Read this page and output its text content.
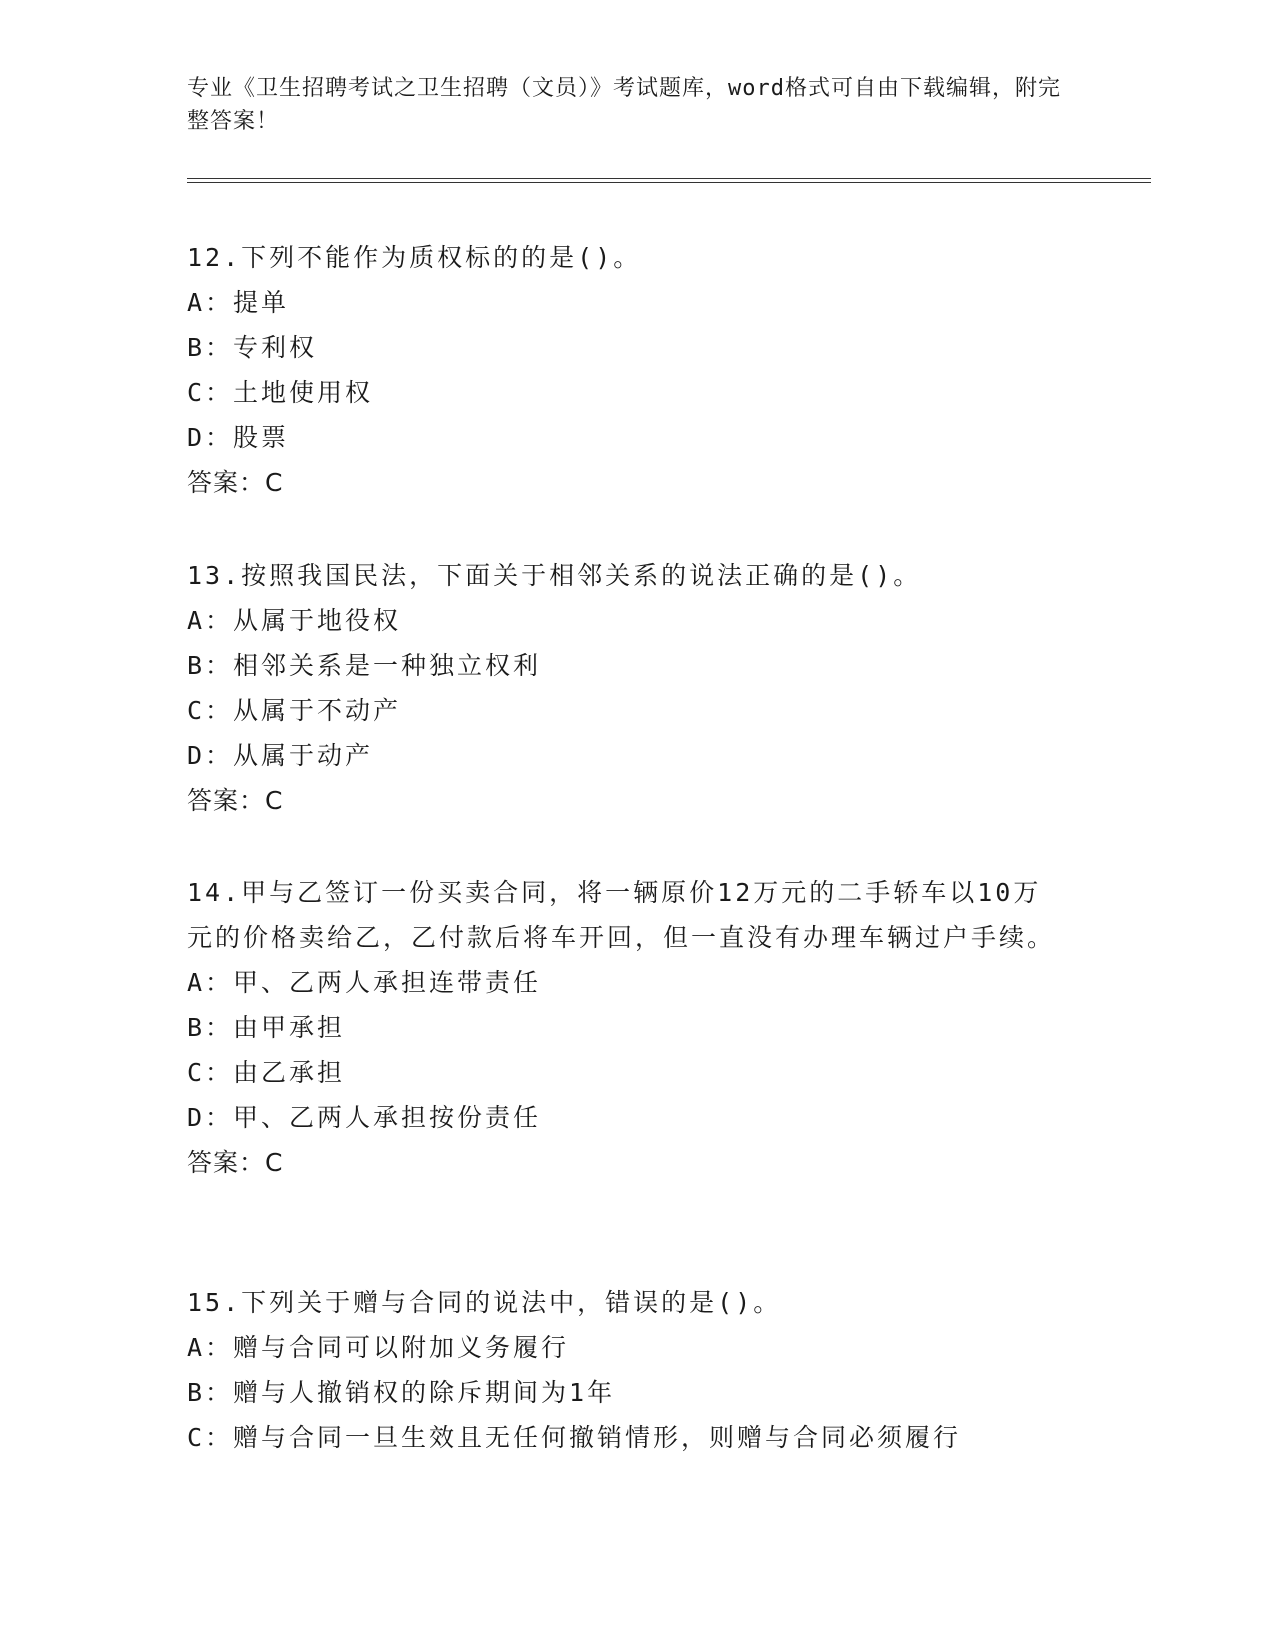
专业《卫生招聘考试之卫生招聘（文员）》考试题库，word格式可自由下载编辑，附完整答案！
12.下列不能作为质权标的的是()。
A：提单
B：专利权
C：土地使用权
D：股票
答案：C
13.按照我国民法，下面关于相邻关系的说法正确的是()。
A：从属于地役权
B：相邻关系是一种独立权利
C：从属于不动产
D：从属于动产
答案：C
14.甲与乙签订一份买卖合同，将一辆原价12万元的二手轿车以10万元的价格卖给乙，乙付款后将车开回，但一直没有办理车辆过户手续。
A：甲、乙两人承担连带责任
B：由甲承担
C：由乙承担
D：甲、乙两人承担按份责任
答案：C
15.下列关于赠与合同的说法中，错误的是()。
A：赠与合同可以附加义务履行
B：赠与人撤销权的除斥期间为1年
C：赠与合同一旦生效且无任何撤销情形，则赠与合同必须履行
